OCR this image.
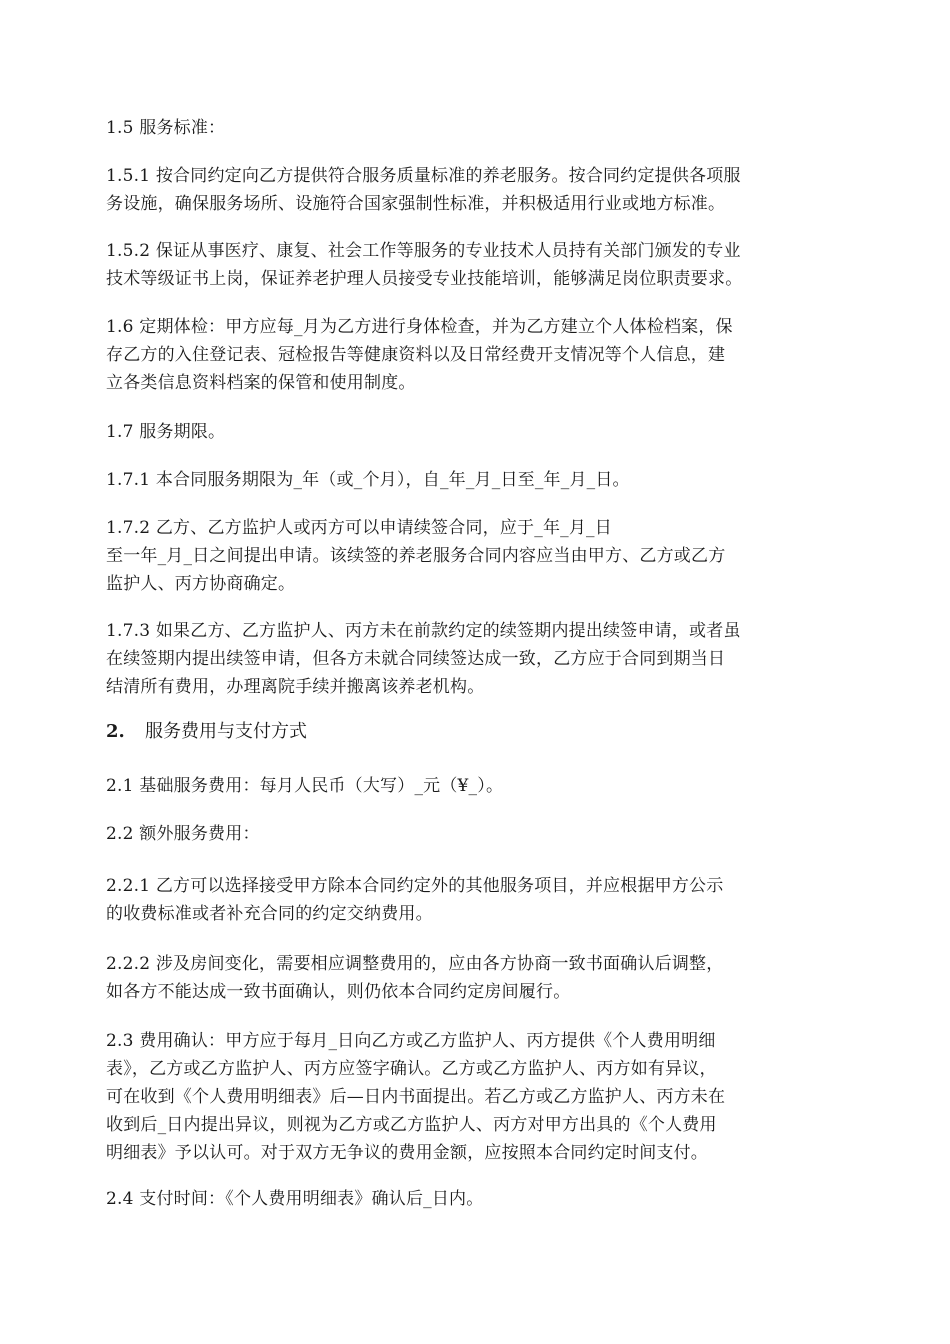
1.5 服务标准：

1.5.1 按合同约定向乙方提供符合服务质量标准的养老服务。按合同约定提供各项服
务设施，确保服务场所、设施符合国家强制性标准，并积极适用行业或地方标准。

1.5.2 保证从事医疗、康复、社会工作等服务的专业技术人员持有关部门颁发的专业
技术等级证书上岗，保证养老护理人员接受专业技能培训，能够满足岗位职责要求。

1.6 定期体检：甲方应每_月为乙方进行身体检查，并为乙方建立个人体检档案，保
存乙方的入住登记表、冠检报告等健康资料以及日常经费开支情况等个人信息，建
立各类信息资料档案的保管和使用制度。

1.7 服务期限。

1.7.1 本合同服务期限为_年（或_个月），自_年_月_日至_年_月_日。

1.7.2 乙方、乙方监护人或丙方可以申请续签合同，应于_年_月_日
至一年_月_日之间提出申请。该续签的养老服务合同内容应当由甲方、乙方或乙方
监护人、丙方协商确定。

1.7.3 如果乙方、乙方监护人、丙方未在前款约定的续签期内提出续签申请，或者虽
在续签期内提出续签申请，但各方未就合同续签达成一致，乙方应于合同到期当日
结清所有费用，办理离院手续并搬离该养老机构。

2. 服务费用与支付方式

2.1 基础服务费用：每月人民币（大写）_元（¥_）。

2.2 额外服务费用：

2.2.1 乙方可以选择接受甲方除本合同约定外的其他服务项目，并应根据甲方公示
的收费标准或者补充合同的约定交纳费用。

2.2.2 涉及房间变化，需要相应调整费用的，应由各方协商一致书面确认后调整，
如各方不能达成一致书面确认，则仍依本合同约定房间履行。

2.3 费用确认：甲方应于每月_日向乙方或乙方监护人、丙方提供《个人费用明细
表》，乙方或乙方监护人、丙方应签字确认。乙方或乙方监护人、丙方如有异议，
可在收到《个人费用明细表》后—日内书面提出。若乙方或乙方监护人、丙方未在
收到后_日内提出异议，则视为乙方或乙方监护人、丙方对甲方出具的《个人费用
明细表》予以认可。对于双方无争议的费用金额，应按照本合同约定时间支付。

2.4 支付时间：《个人费用明细表》确认后_日内。
